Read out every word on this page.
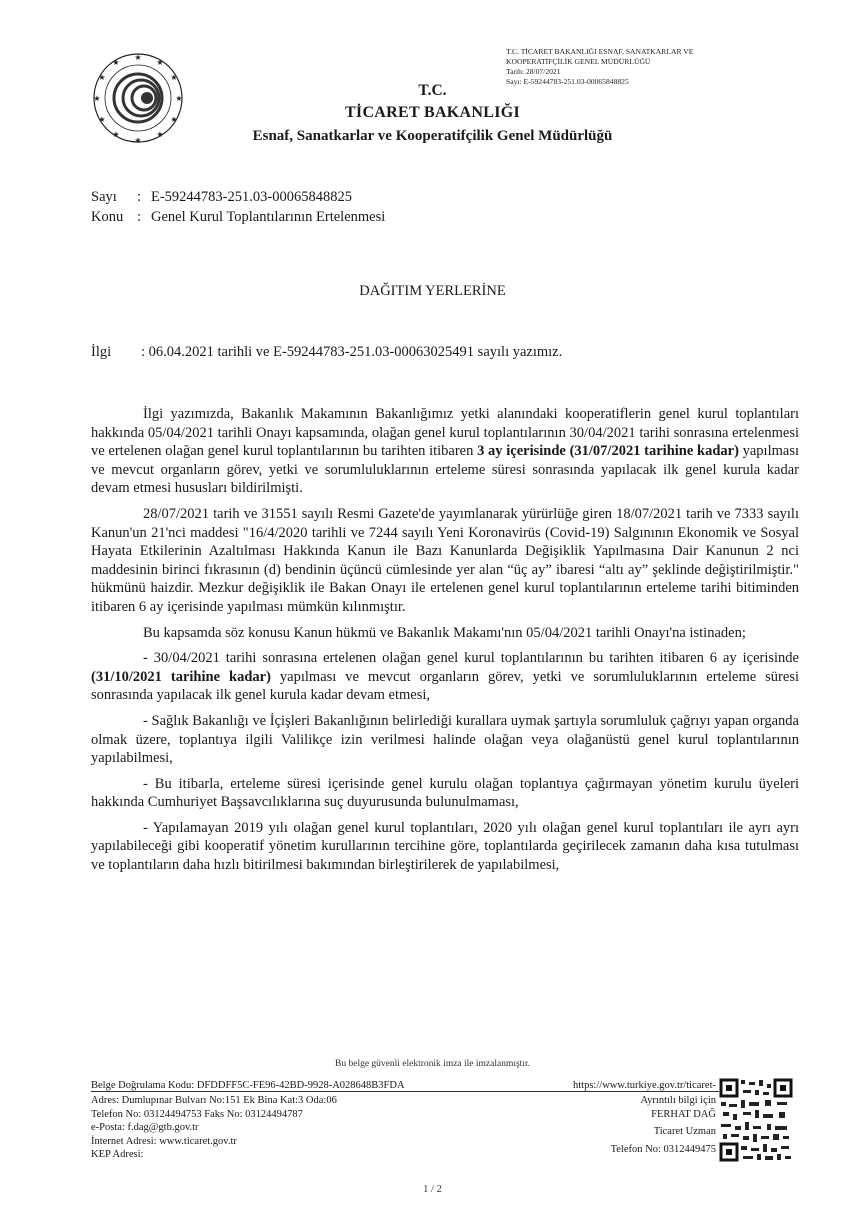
★
★
★
★
★
★
★
★
★
★
★
★
T.C. TİCARET BAKANLIĞI ESNAF, SANATKARLAR VE
KOOPERATİFÇİLİK GENEL MÜDÜRLÜĞÜ
Tarih: 28/07/2021
Sayı: E-59244783-251.03-00065848825
T.C.
TİCARET BAKANLIĞI
Esnaf, Sanatkarlar ve Kooperatifçilik Genel Müdürlüğü
Sayı : E-59244783-251.03-00065848825
Konu : Genel Kurul Toplantılarının Ertelenmesi
DAĞITIM YERLERİNE
İlgi : 06.04.2021 tarihli ve E-59244783-251.03-00063025491 sayılı yazımız.

İlgi yazımızda, Bakanlık Makamının Bakanlığımız yetki alanındaki kooperatiflerin genel kurul toplantıları hakkında 05/04/2021 tarihli Onayı kapsamında, olağan genel kurul toplantılarının 30/04/2021 tarihi sonrasına ertelenmesi ve ertelenen olağan genel kurul toplantılarının bu tarihten itibaren 3 ay içerisinde (31/07/2021 tarihine kadar) yapılması ve mevcut organların görev, yetki ve sorumluluklarının erteleme süresi sonrasında yapılacak ilk genel kurula kadar devam etmesi hususları bildirilmişti.

28/07/2021 tarih ve 31551 sayılı Resmi Gazete'de yayımlanarak yürürlüğe giren 18/07/2021 tarih ve 7333 sayılı Kanun'un 21'nci maddesi "16/4/2020 tarihli ve 7244 sayılı Yeni Koronavirüs (Covid-19) Salgınının Ekonomik ve Sosyal Hayata Etkilerinin Azaltılması Hakkında Kanun ile Bazı Kanunlarda Değişiklik Yapılmasına Dair Kanunun 2 nci maddesinin birinci fıkrasının (d) bendinin üçüncü cümlesinde yer alan “üç ay” ibaresi “altı ay” şeklinde değiştirilmiştir." hükmünü haizdir. Mezkur değişiklik ile Bakan Onayı ile ertelenen genel kurul toplantılarının erteleme tarihi bitiminden itibaren 6 ay içerisinde yapılması mümkün kılınmıştır.

Bu kapsamda söz konusu Kanun hükmü ve Bakanlık Makamı'nın 05/04/2021 tarihli Onayı'na istinaden;

- 30/04/2021 tarihi sonrasına ertelenen olağan genel kurul toplantılarının bu tarihten itibaren 6 ay içerisinde (31/10/2021 tarihine kadar) yapılması ve mevcut organların görev, yetki ve sorumluluklarının erteleme süresi sonrasında yapılacak ilk genel kurula kadar devam etmesi,

- Sağlık Bakanlığı ve İçişleri Bakanlığının belirlediği kurallara uymak şartıyla sorumluluk çağrıyı yapan organda olmak üzere, toplantıya ilgili Valilikçe izin verilmesi halinde olağan veya olağanüstü genel kurul toplantılarının yapılabilmesi,

- Bu itibarla, erteleme süresi içerisinde genel kurulu olağan toplantıya çağırmayan yönetim kurulu üyeleri hakkında Cumhuriyet Başsavcılıklarına suç duyurusunda bulunulmaması,

- Yapılamayan 2019 yılı olağan genel kurul toplantıları, 2020 yılı olağan genel kurul toplantıları ile ayrı ayrı yapılabileceği gibi kooperatif yönetim kurullarının tercihine göre, toplantılarda geçirilecek zamanın daha kısa tutulması ve toplantıların daha hızlı bitirilmesi bakımından birleştirilerek de yapılabilmesi,

Bu belge güvenli elektronik imza ile imzalanmıştır.
Belge Doğrulama Kodu: DFDDFF5C-FE96-42BD-9928-A028648B3FDA
Adres: Dumlupınar Bulvarı No:151 Ek Bina Kat:3 Oda:06
Telefon No: 03124494753 Faks No: 03124494787
e-Posta: f.dag@gtb.gov.tr
İnternet Adresi: www.ticaret.gov.tr
KEP Adresi:
https://www.turkiye.gov.tr/ticaret-
Ayrıntılı bilgi için
FERHAT DAĞ
Ticaret Uzman
Telefon No: 0312449475
1 / 2
